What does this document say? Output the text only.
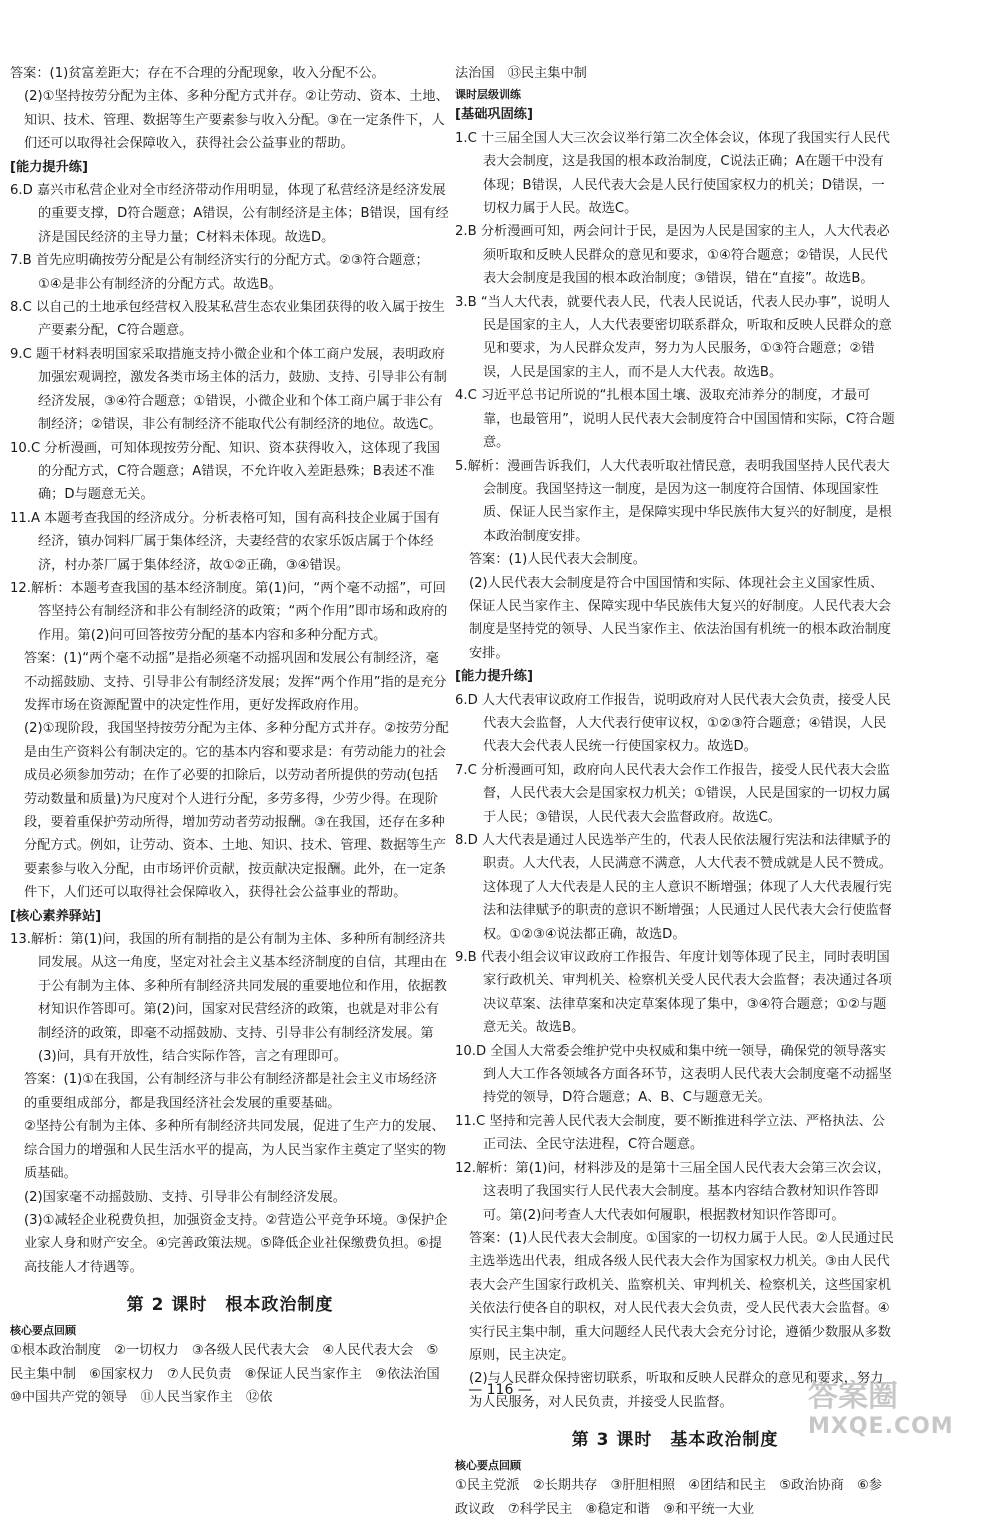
答案：(1)贫富差距大；存在不合理的分配现象，收入分配不公。

(2)①坚持按劳分配为主体、多种分配方式并存。②让劳动、资本、土地、知识、技术、管理、数据等生产要素参与收入分配。③在一定条件下，人们还可以取得社会保障收入，获得社会公益事业的帮助。

[能力提升练]

6.D 嘉兴市私营企业对全市经济带动作用明显，体现了私营经济是经济发展的重要支撑，D符合题意；A错误，公有制经济是主体；B错误，国有经济是国民经济的主导力量；C材料未体现。故选D。

7.B 首先应明确按劳分配是公有制经济实行的分配方式。②③符合题意；①④是非公有制经济的分配方式。故选B。

8.C 以自己的土地承包经营权入股某私营生态农业集团获得的收入属于按生产要素分配，C符合题意。

9.C 题干材料表明国家采取措施支持小微企业和个体工商户发展，表明政府加强宏观调控，激发各类市场主体的活力，鼓励、支持、引导非公有制经济发展，③④符合题意；①错误，小微企业和个体工商户属于非公有制经济；②错误，非公有制经济不能取代公有制经济的地位。故选C。

10.C 分析漫画，可知体现按劳分配、知识、资本获得收入，这体现了我国的分配方式，C符合题意；A错误，不允许收入差距悬殊；B表述不准确；D与题意无关。

11.A 本题考查我国的经济成分。分析表格可知，国有高科技企业属于国有经济，镇办饲料厂属于集体经济，夫妻经营的农家乐饭店属于个体经济，村办茶厂属于集体经济，故①②正确，③④错误。

12.解析：本题考查我国的基本经济制度。第(1)问，“两个毫不动摇”，可回答坚持公有制经济和非公有制经济的政策；“两个作用”即市场和政府的作用。第(2)问可回答按劳分配的基本内容和多种分配方式。

答案：(1)“两个毫不动摇”是指必须毫不动摇巩固和发展公有制经济，毫不动摇鼓励、支持、引导非公有制经济发展；发挥“两个作用”指的是充分发挥市场在资源配置中的决定性作用，更好发挥政府作用。

(2)①现阶段，我国坚持按劳分配为主体、多种分配方式并存。②按劳分配是由生产资料公有制决定的。它的基本内容和要求是：有劳动能力的社会成员必须参加劳动；在作了必要的扣除后，以劳动者所提供的劳动(包括劳动数量和质量)为尺度对个人进行分配，多劳多得，少劳少得。在现阶段，要着重保护劳动所得，增加劳动者劳动报酬。③在我国，还存在多种分配方式。例如，让劳动、资本、土地、知识、技术、管理、数据等生产要素参与收入分配，由市场评价贡献，按贡献决定报酬。此外，在一定条件下，人们还可以取得社会保障收入，获得社会公益事业的帮助。

[核心素养驿站]

13.解析：第(1)问，我国的所有制指的是公有制为主体、多种所有制经济共同发展。从这一角度，坚定对社会主义基本经济制度的自信，其理由在于公有制为主体、多种所有制经济共同发展的重要地位和作用，依据教材知识作答即可。第(2)问，国家对民营经济的政策，也就是对非公有制经济的政策，即毫不动摇鼓励、支持、引导非公有制经济发展。第(3)问，具有开放性，结合实际作答，言之有理即可。

答案：(1)①在我国，公有制经济与非公有制经济都是社会主义市场经济的重要组成部分，都是我国经济社会发展的重要基础。

②坚持公有制为主体、多种所有制经济共同发展，促进了生产力的发展、综合国力的增强和人民生活水平的提高，为人民当家作主奠定了坚实的物质基础。

(2)国家毫不动摇鼓励、支持、引导非公有制经济发展。

(3)①减轻企业税费负担，加强资金支持。②营造公平竞争环境。③保护企业家人身和财产安全。④完善政策法规。⑤降低企业社保缴费负担。⑥提高技能人才待遇等。

第 2 课时　根本政治制度

核心要点回顾

①根本政治制度　②一切权力　③各级人民代表大会　④人民代表大会　⑤民主集中制　⑥国家权力　⑦人民负责　⑧保证人民当家作主　⑨依法治国　⑩中国共产党的领导　⑪人民当家作主　⑫依

法治国　⑬民主集中制

课时层级训练

[基础巩固练]

1.C 十三届全国人大三次会议举行第二次全体会议，体现了我国实行人民代表大会制度，这是我国的根本政治制度，C说法正确；A在题干中没有体现；B错误，人民代表大会是人民行使国家权力的机关；D错误，一切权力属于人民。故选C。

2.B 分析漫画可知，两会问计于民，是因为人民是国家的主人，人大代表必须听取和反映人民群众的意见和要求，①④符合题意；②错误，人民代表大会制度是我国的根本政治制度；③错误，错在“直接”。故选B。

3.B “当人大代表，就要代表人民，代表人民说话，代表人民办事”，说明人民是国家的主人，人大代表要密切联系群众，听取和反映人民群众的意见和要求，为人民群众发声，努力为人民服务，①③符合题意；②错误，人民是国家的主人，而不是人大代表。故选B。

4.C 习近平总书记所说的“扎根本国土壤、汲取充沛养分的制度，才最可靠，也最管用”，说明人民代表大会制度符合中国国情和实际，C符合题意。

5.解析：漫画告诉我们，人大代表听取社情民意，表明我国坚持人民代表大会制度。我国坚持这一制度，是因为这一制度符合国情、体现国家性质、保证人民当家作主，是保障实现中华民族伟大复兴的好制度，是根本政治制度安排。

答案：(1)人民代表大会制度。

(2)人民代表大会制度是符合中国国情和实际、体现社会主义国家性质、保证人民当家作主、保障实现中华民族伟大复兴的好制度。人民代表大会制度是坚持党的领导、人民当家作主、依法治国有机统一的根本政治制度安排。

[能力提升练]

6.D 人大代表审议政府工作报告，说明政府对人民代表大会负责，接受人民代表大会监督，人大代表行使审议权，①②③符合题意；④错误，人民代表大会代表人民统一行使国家权力。故选D。

7.C 分析漫画可知，政府向人民代表大会作工作报告，接受人民代表大会监督，人民代表大会是国家权力机关；①错误，人民是国家的一切权力属于人民；③错误，人民代表大会监督政府。故选C。

8.D 人大代表是通过人民选举产生的，代表人民依法履行宪法和法律赋予的职责。人大代表，人民满意不满意，人大代表不赞成就是人民不赞成。这体现了人大代表是人民的主人意识不断增强；体现了人大代表履行宪法和法律赋予的职责的意识不断增强；人民通过人民代表大会行使监督权。①②③④说法都正确，故选D。

9.B 代表小组会议审议政府工作报告、年度计划等体现了民主，同时表明国家行政机关、审判机关、检察机关受人民代表大会监督；表决通过各项决议草案、法律草案和决定草案体现了集中，③④符合题意；①②与题意无关。故选B。

10.D 全国人大常委会维护党中央权威和集中统一领导，确保党的领导落实到人大工作各领域各方面各环节，这表明人民代表大会制度毫不动摇坚持党的领导，D符合题意；A、B、C与题意无关。

11.C 坚持和完善人民代表大会制度，要不断推进科学立法、严格执法、公正司法、全民守法进程，C符合题意。

12.解析：第(1)问，材料涉及的是第十三届全国人民代表大会第三次会议，这表明了我国实行人民代表大会制度。基本内容结合教材知识作答即可。第(2)问考查人大代表如何履职，根据教材知识作答即可。

答案：(1)人民代表大会制度。①国家的一切权力属于人民。②人民通过民主选举选出代表，组成各级人民代表大会作为国家权力机关。③由人民代表大会产生国家行政机关、监察机关、审判机关、检察机关，这些国家机关依法行使各自的职权，对人民代表大会负责，受人民代表大会监督。④实行民主集中制，重大问题经人民代表大会充分讨论，遵循少数服从多数原则，民主决定。

(2)与人民群众保持密切联系，听取和反映人民群众的意见和要求，努力为人民服务，对人民负责，并接受人民监督。

第 3 课时　基本政治制度

核心要点回顾

①民主党派　②长期共存　③肝胆相照　④团结和民主　⑤政治协商　⑥参政议政　⑦科学民主　⑧稳定和谐　⑨和平统一大业

— 116 —	答案圈
MXQE.COM
